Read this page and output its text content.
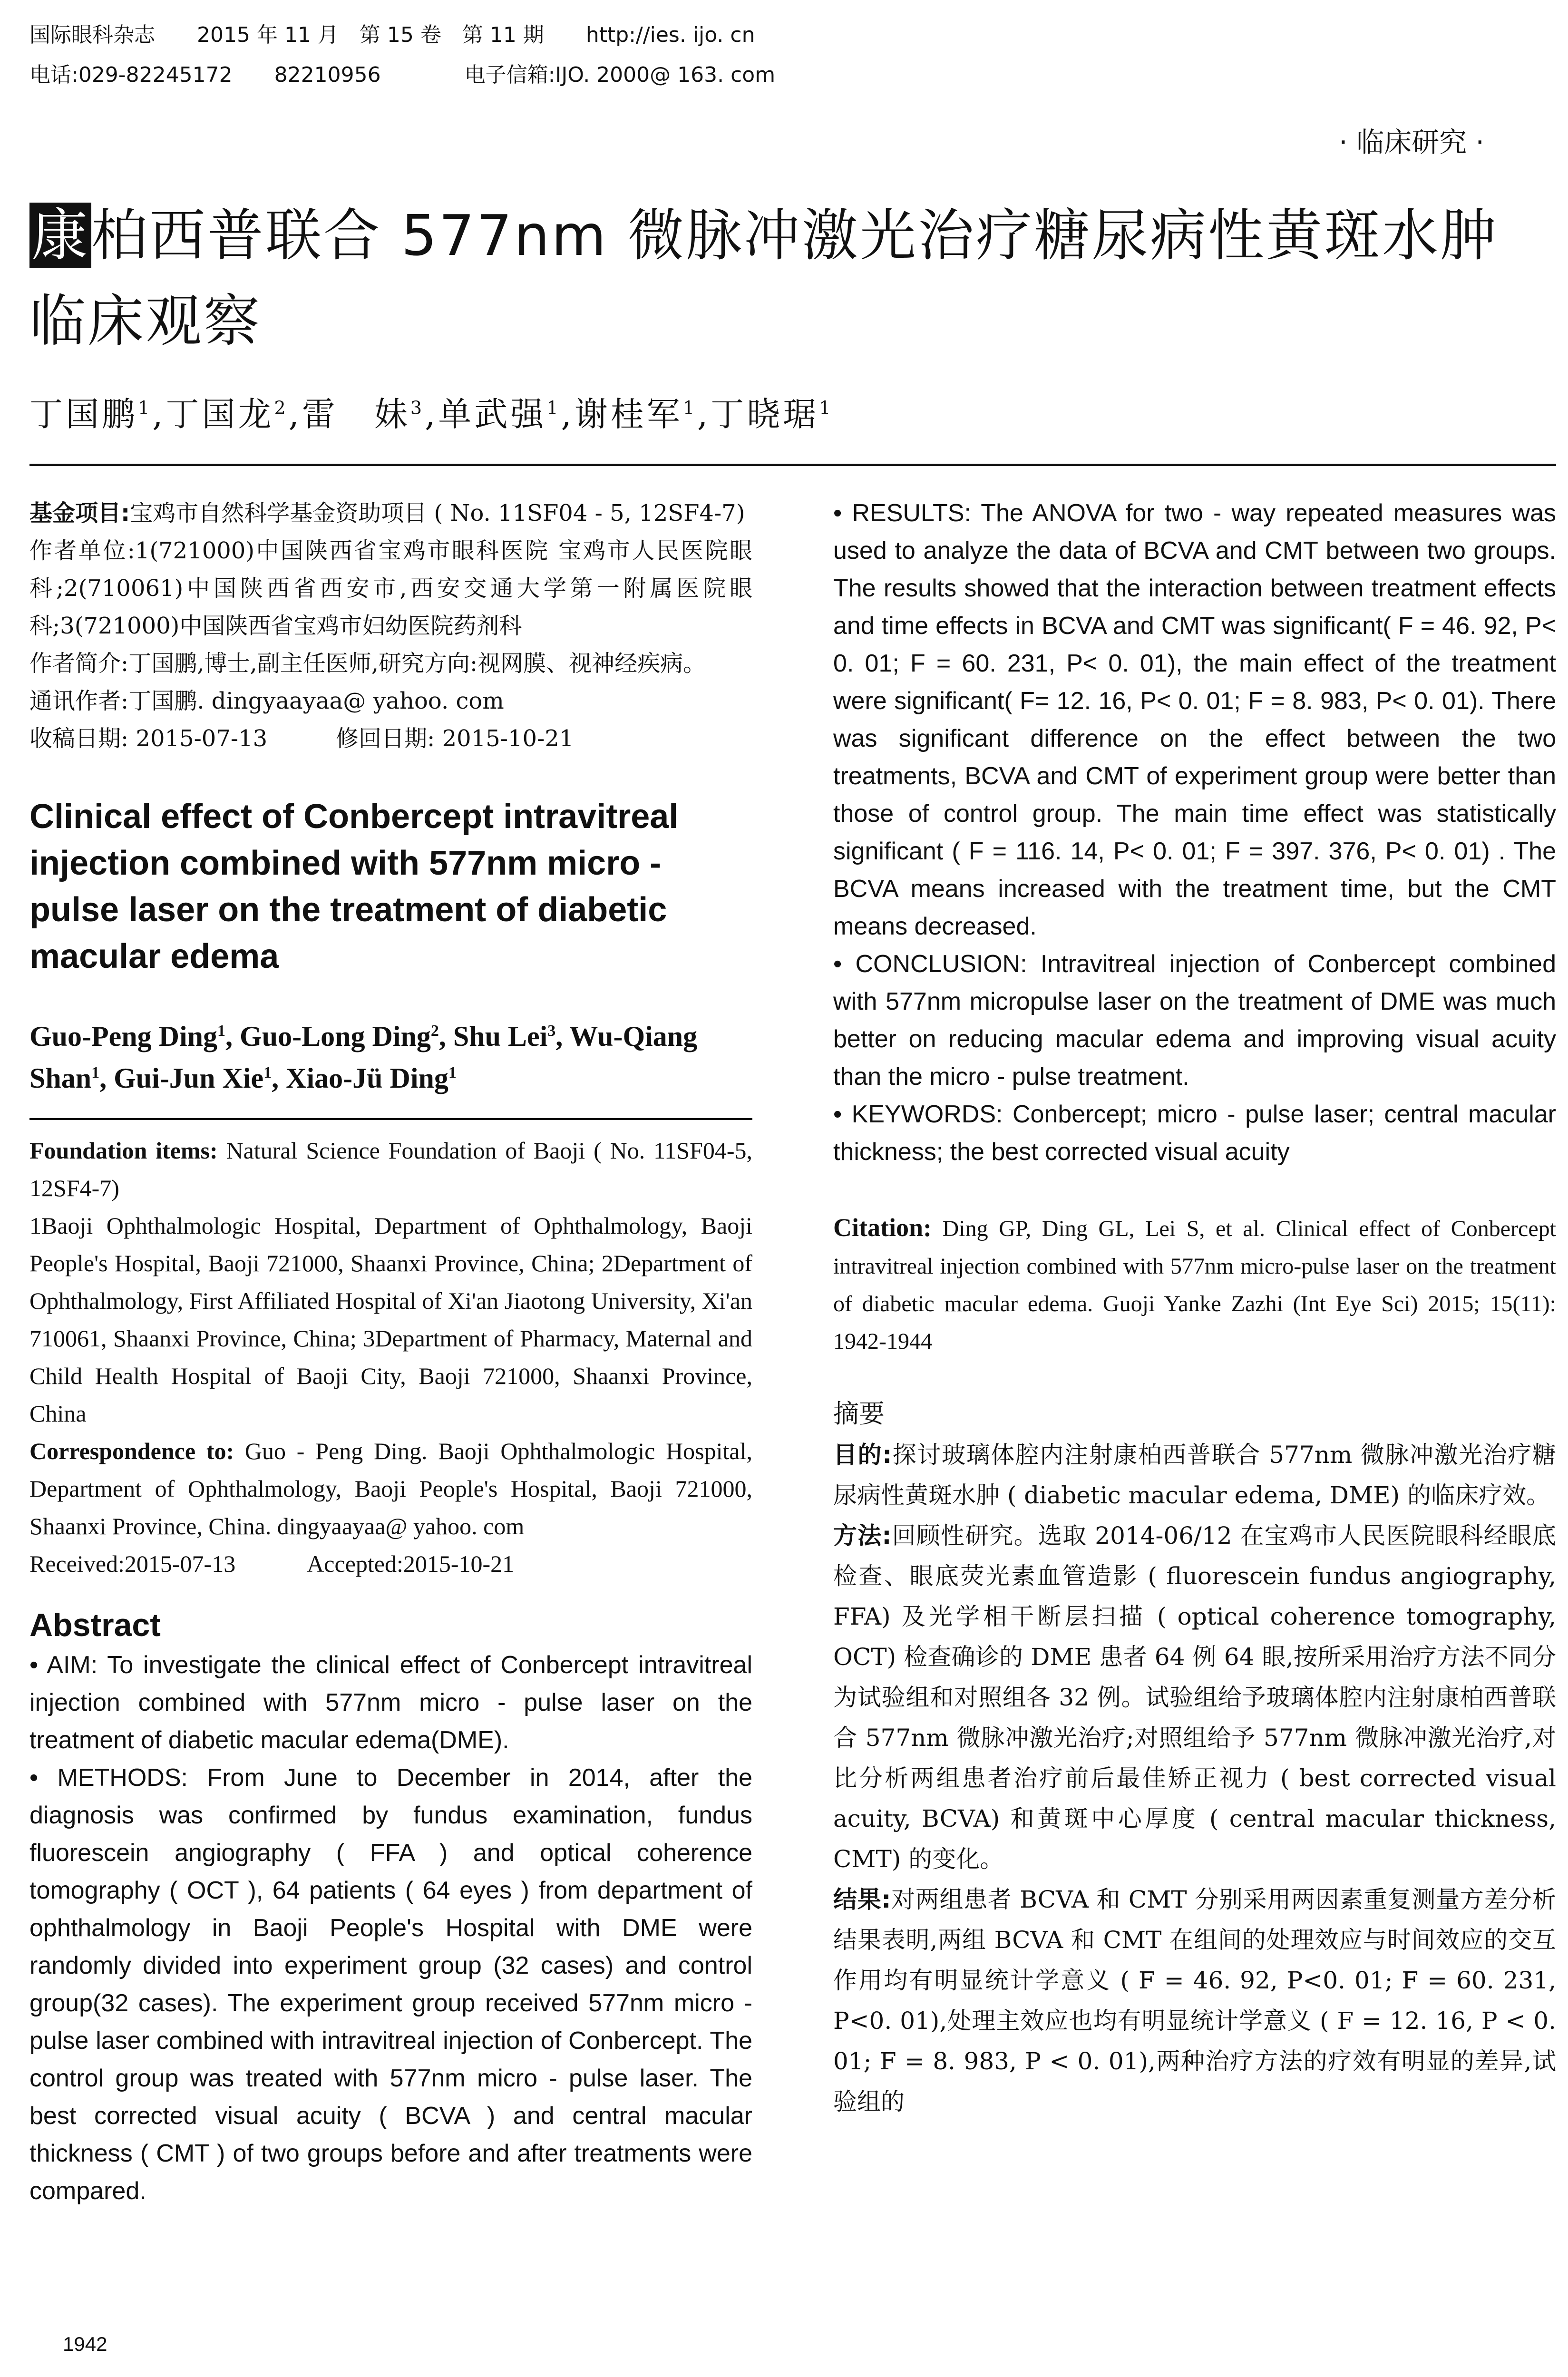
国际眼科杂志　　2015 年 11 月　第 15 卷　第 11 期　　http://ies. ijo. cn
电话:029-82245172　　82210956　　　　电子信箱:IJO. 2000@ 163. com
· 临床研究 ·
康柏西普联合 577nm 微脉冲激光治疗糖尿病性黄斑水肿
临床观察
丁国鹏$^1$,丁国龙$^2$,雷　妹$^3$,单武强$^1$,谢桂军$^1$,丁晓琚$^1$

基金项目:宝鸡市自然科学基金资助项目 ( No. 11SF04 - 5, 12SF4-7)

作者单位:1(721000)中国陕西省宝鸡市眼科医院 宝鸡市人民医院眼科;2(710061)中国陕西省西安市,西安交通大学第一附属医院眼科;3(721000)中国陕西省宝鸡市妇幼医院药剂科

作者简介:丁国鹏,博士,副主任医师,研究方向:视网膜、视神经疾病。

通讯作者:丁国鹏. dingyaayaa@ yahoo. com

收稿日期: 2015-07-13　　　修回日期: 2015-10-21

Clinical effect of Conbercept intravitreal injection combined with 577nm micro - pulse laser on the treatment of diabetic macular edema
Guo-Peng Ding$^1$, Guo-Long Ding$^2$, Shu Lei$^3$, Wu-Qiang Shan$^1$, Gui-Jun Xie$^1$, Xiao-Jü Ding$^1$

Foundation items: Natural Science Foundation of Baoji ( No. 11SF04-5, 12SF4-7)

1Baoji Ophthalmologic Hospital, Department of Ophthalmology, Baoji People's Hospital, Baoji 721000, Shaanxi Province, China; 2Department of Ophthalmology, First Affiliated Hospital of Xi'an Jiaotong University, Xi'an 710061, Shaanxi Province, China; 3Department of Pharmacy, Maternal and Child Health Hospital of Baoji City, Baoji 721000, Shaanxi Province, China

Correspondence to: Guo - Peng Ding. Baoji Ophthalmologic Hospital, Department of Ophthalmology, Baoji People's Hospital, Baoji 721000, Shaanxi Province, China. dingyaayaa@ yahoo. com

Received:2015-07-13　　　Accepted:2015-10-21

Abstract

• AIM: To investigate the clinical effect of Conbercept intravitreal injection combined with 577nm micro - pulse laser on the treatment of diabetic macular edema(DME).

• METHODS: From June to December in 2014, after the diagnosis was confirmed by fundus examination, fundus fluorescein angiography ( FFA ) and optical coherence tomography ( OCT ), 64 patients ( 64 eyes ) from department of ophthalmology in Baoji People's Hospital with DME were randomly divided into experiment group (32 cases) and control group(32 cases). The experiment group received 577nm micro - pulse laser combined with intravitreal injection of Conbercept. The control group was treated with 577nm micro - pulse laser. The best corrected visual acuity ( BCVA ) and central macular thickness ( CMT ) of two groups before and after treatments were compared.

• RESULTS: The ANOVA for two - way repeated measures was used to analyze the data of BCVA and CMT between two groups. The results showed that the interaction between treatment effects and time effects in BCVA and CMT was significant( F = 46. 92, P< 0. 01; F = 60. 231, P< 0. 01), the main effect of the treatment were significant( F= 12. 16, P< 0. 01; F = 8. 983, P< 0. 01). There was significant difference on the effect between the two treatments, BCVA and CMT of experiment group were better than those of control group. The main time effect was statistically significant ( F = 116. 14, P< 0. 01; F = 397. 376, P< 0. 01) . The BCVA means increased with the treatment time, but the CMT means decreased.

• CONCLUSION: Intravitreal injection of Conbercept combined with 577nm micropulse laser on the treatment of DME was much better on reducing macular edema and improving visual acuity than the micro - pulse treatment.

• KEYWORDS: Conbercept; micro - pulse laser; central macular thickness; the best corrected visual acuity

Citation: Ding GP, Ding GL, Lei S, et al. Clinical effect of Conbercept intravitreal injection combined with 577nm micro-pulse laser on the treatment of diabetic macular edema. Guoji Yanke Zazhi (Int Eye Sci) 2015; 15(11): 1942-1944
摘要

目的:探讨玻璃体腔内注射康柏西普联合 577nm 微脉冲激光治疗糖尿病性黄斑水肿 ( diabetic macular edema, DME) 的临床疗效。

方法:回顾性研究。选取 2014-06/12 在宝鸡市人民医院眼科经眼底检查、眼底荧光素血管造影 ( fluorescein fundus angiography, FFA) 及光学相干断层扫描 ( optical coherence tomography, OCT) 检查确诊的 DME 患者 64 例 64 眼,按所采用治疗方法不同分为试验组和对照组各 32 例。试验组给予玻璃体腔内注射康柏西普联合 577nm 微脉冲激光治疗;对照组给予 577nm 微脉冲激光治疗,对比分析两组患者治疗前后最佳矫正视力 ( best corrected visual acuity, BCVA) 和黄斑中心厚度 ( central macular thickness, CMT) 的变化。

结果:对两组患者 BCVA 和 CMT 分别采用两因素重复测量方差分析结果表明,两组 BCVA 和 CMT 在组间的处理效应与时间效应的交互作用均有明显统计学意义 ( F = 46. 92, P<0. 01; F = 60. 231, P<0. 01),处理主效应也均有明显统计学意义 ( F = 12. 16, P < 0. 01; F = 8. 983, P < 0. 01),两种治疗方法的疗效有明显的差异,试验组的

1942
